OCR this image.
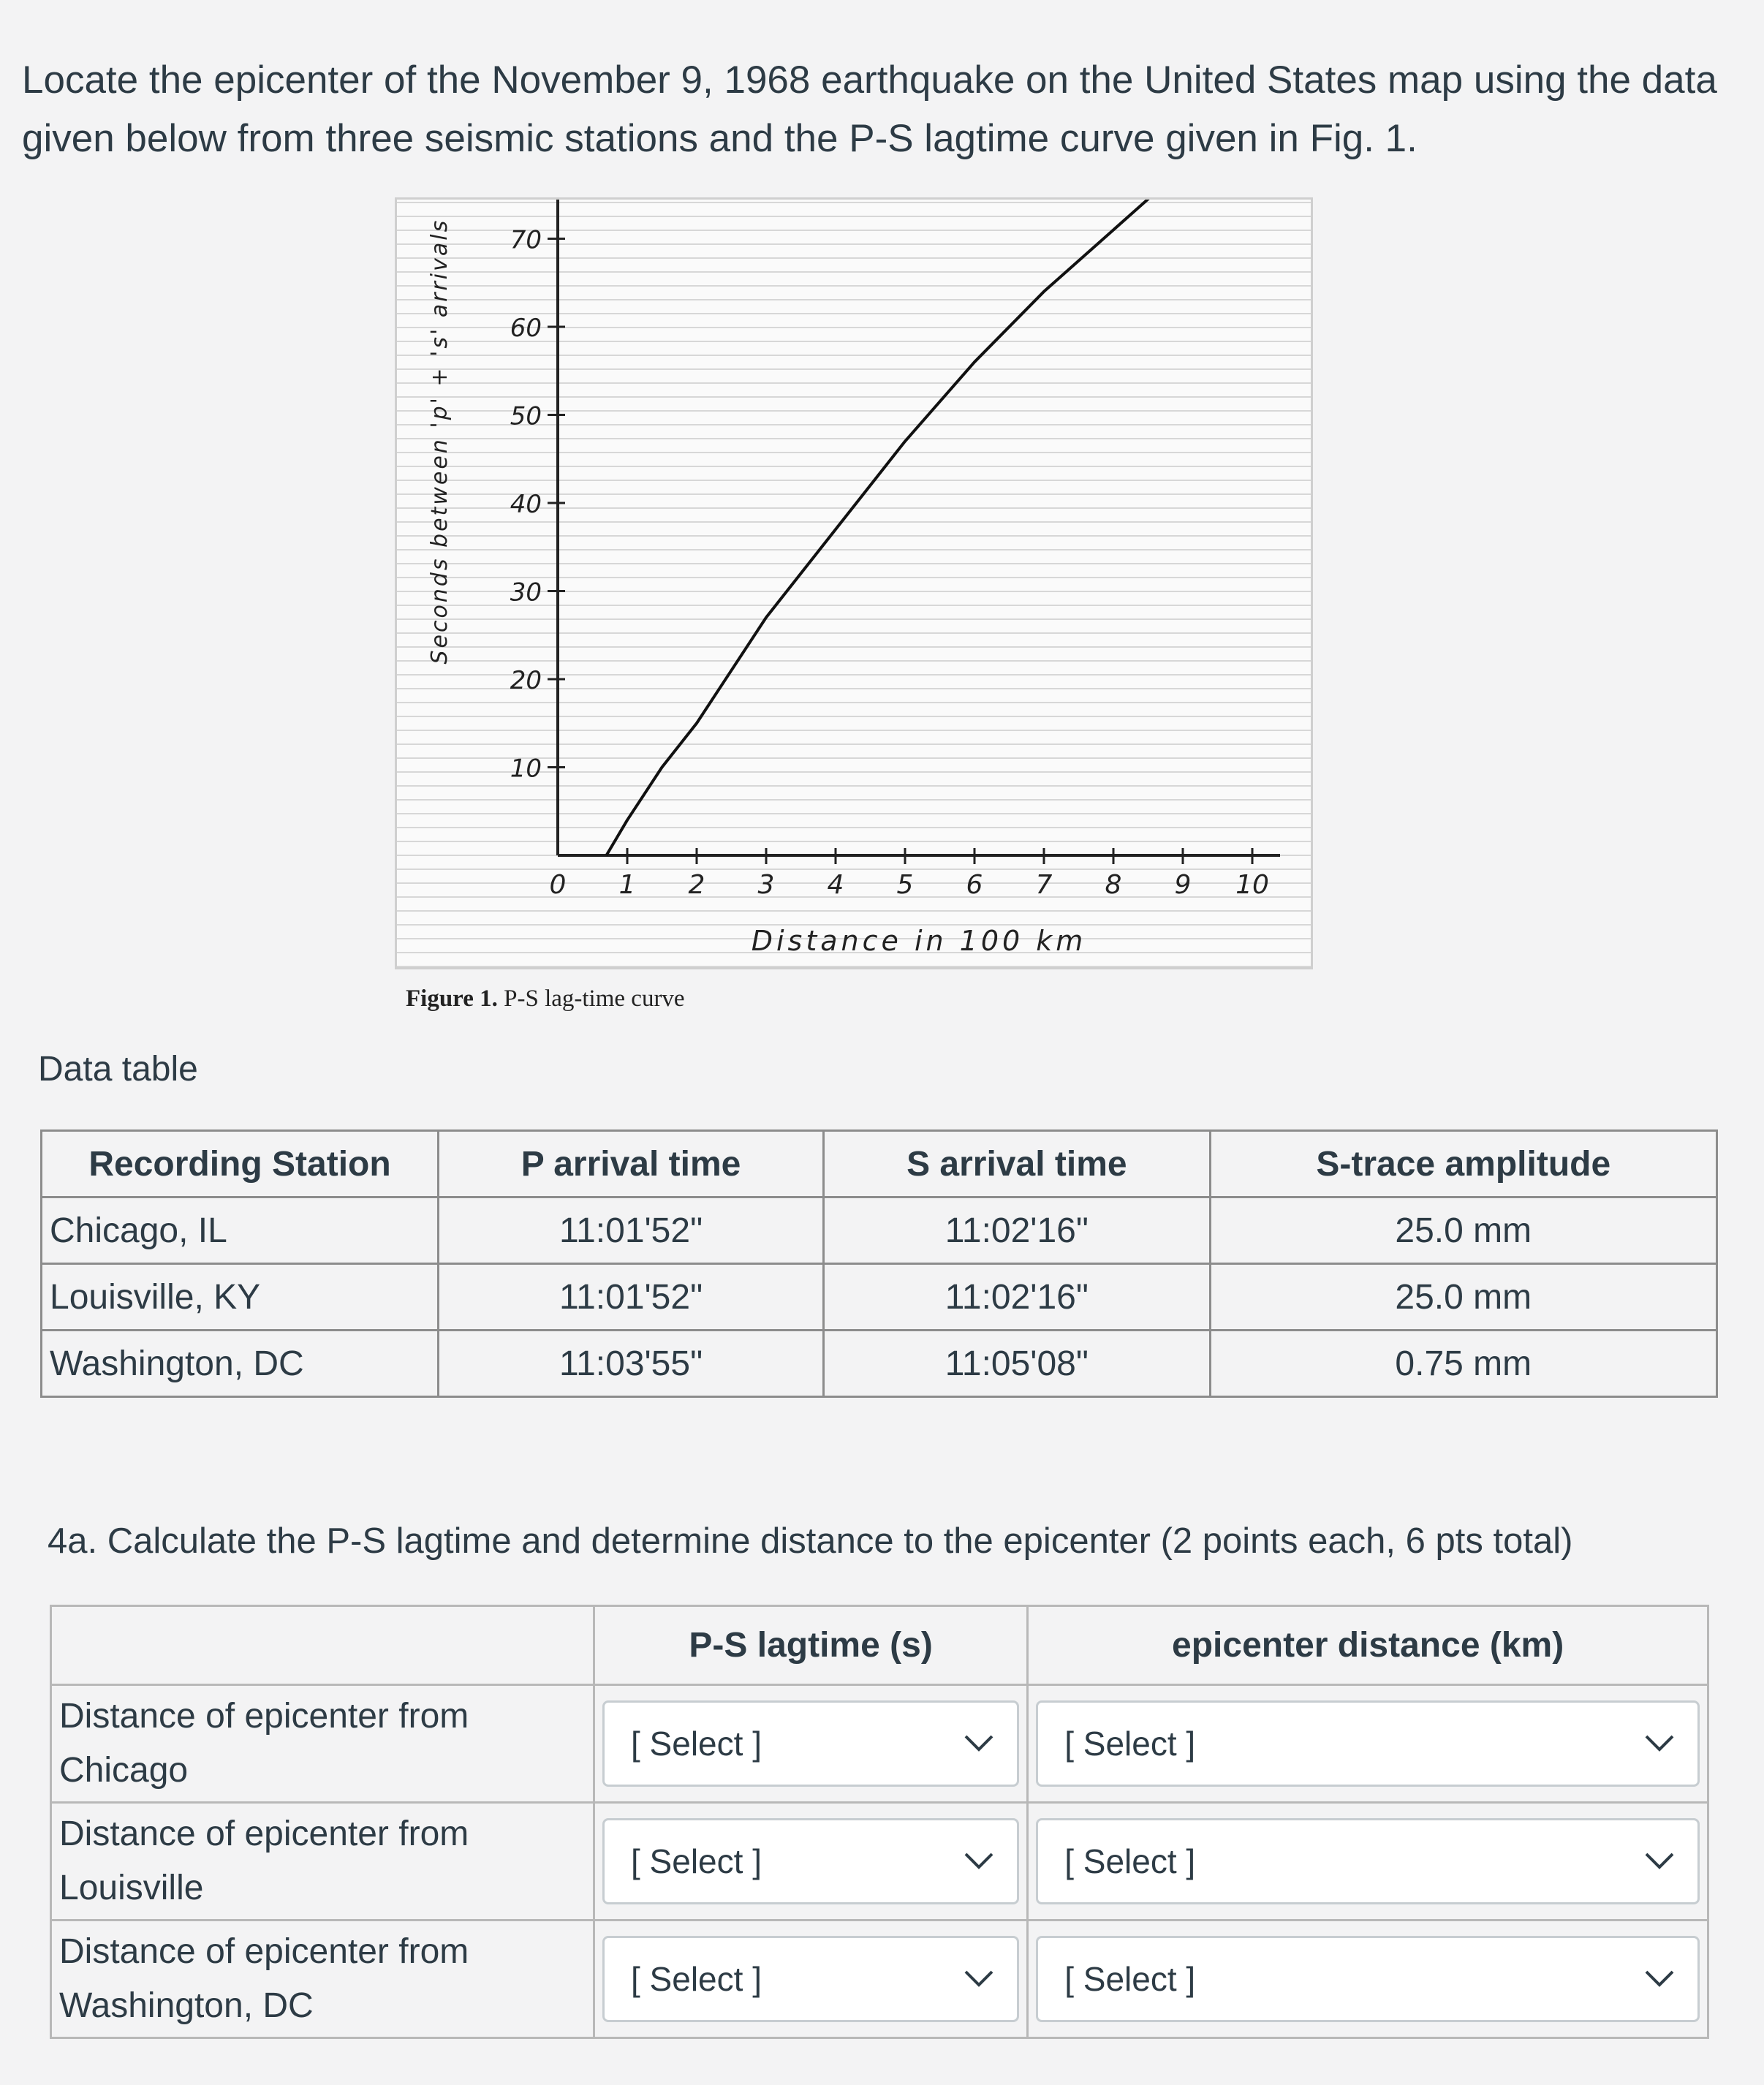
Locate the epicenter of the November 9, 1968 earthquake on the United States map using the data given below from three seismic stations and the P-S lagtime curve given in Fig. 1.
10
20
30
40
50
60
70
0 1 2 3 4 5 6 7 8 9 10
Distance in 100 km
Seconds between 'p' + 's' arrivals
Figure 1. P-S lag-time curve
Data table
Recording Station	P arrival time	S arrival time	S-trace amplitude
Chicago, IL	11:01'52"	11:02'16"	25.0 mm
Louisville, KY	11:01'52"	11:02'16"	25.0 mm
Washington, DC	11:03'55"	11:05'08"	0.75 mm
4a. Calculate the P-S lagtime and determine distance to the epicenter (2 points each, 6 pts total)
	P-S lagtime (s)	epicenter distance (km)
Distance of epicenter from Chicago	[ Select ]	[ Select ]

Distance of epicenter from Louisville	[ Select ]	[ Select ]

Distance of epicenter from Washington, DC	[ Select ]	[ Select ]
